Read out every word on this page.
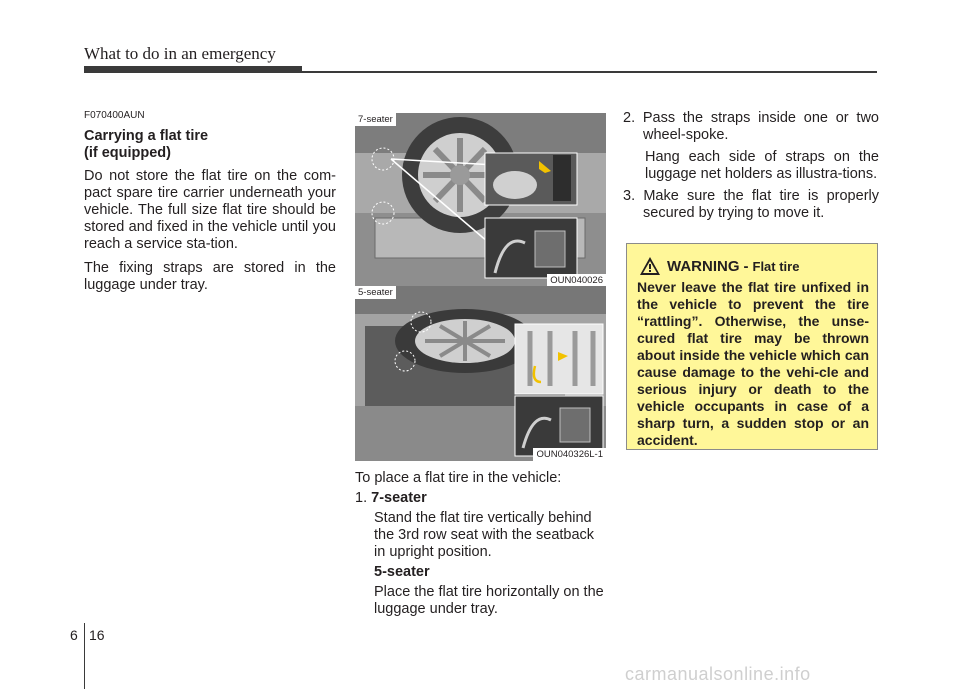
What to do in an emergency
F070400AUN
Carrying a flat tire
(if equipped)

Do not store the flat tire on the com-pact spare tire carrier underneath your vehicle. The full size flat tire should be stored and fixed in the vehicle until you reach a service sta-tion.

The fixing straps are stored in the luggage under tray.

7-seater
OUN040026
5-seater
OUN040326L-1

To place a flat tire in the vehicle:

1. 7-seater

Stand the flat tire vertically behind the 3rd row seat with the seatback in upright position.

5-seater

Place the flat tire horizontally on the luggage under tray.

2. Pass the straps inside one or two wheel-spoke.

Hang each side of straps on the luggage net holders as illustra-tions.

3. Make sure the flat tire is properly secured by trying to move it.

WARNING - Flat tire

Never leave the flat tire unfixed in the vehicle to prevent the tire “rattling”. Otherwise, the unse-cured flat tire may be thrown about inside the vehicle which can cause damage to the vehi-cle and serious injury or death to the vehicle occupants in case of a sharp turn, a sudden stop or an accident.

6 16
carmanualsonline.info
